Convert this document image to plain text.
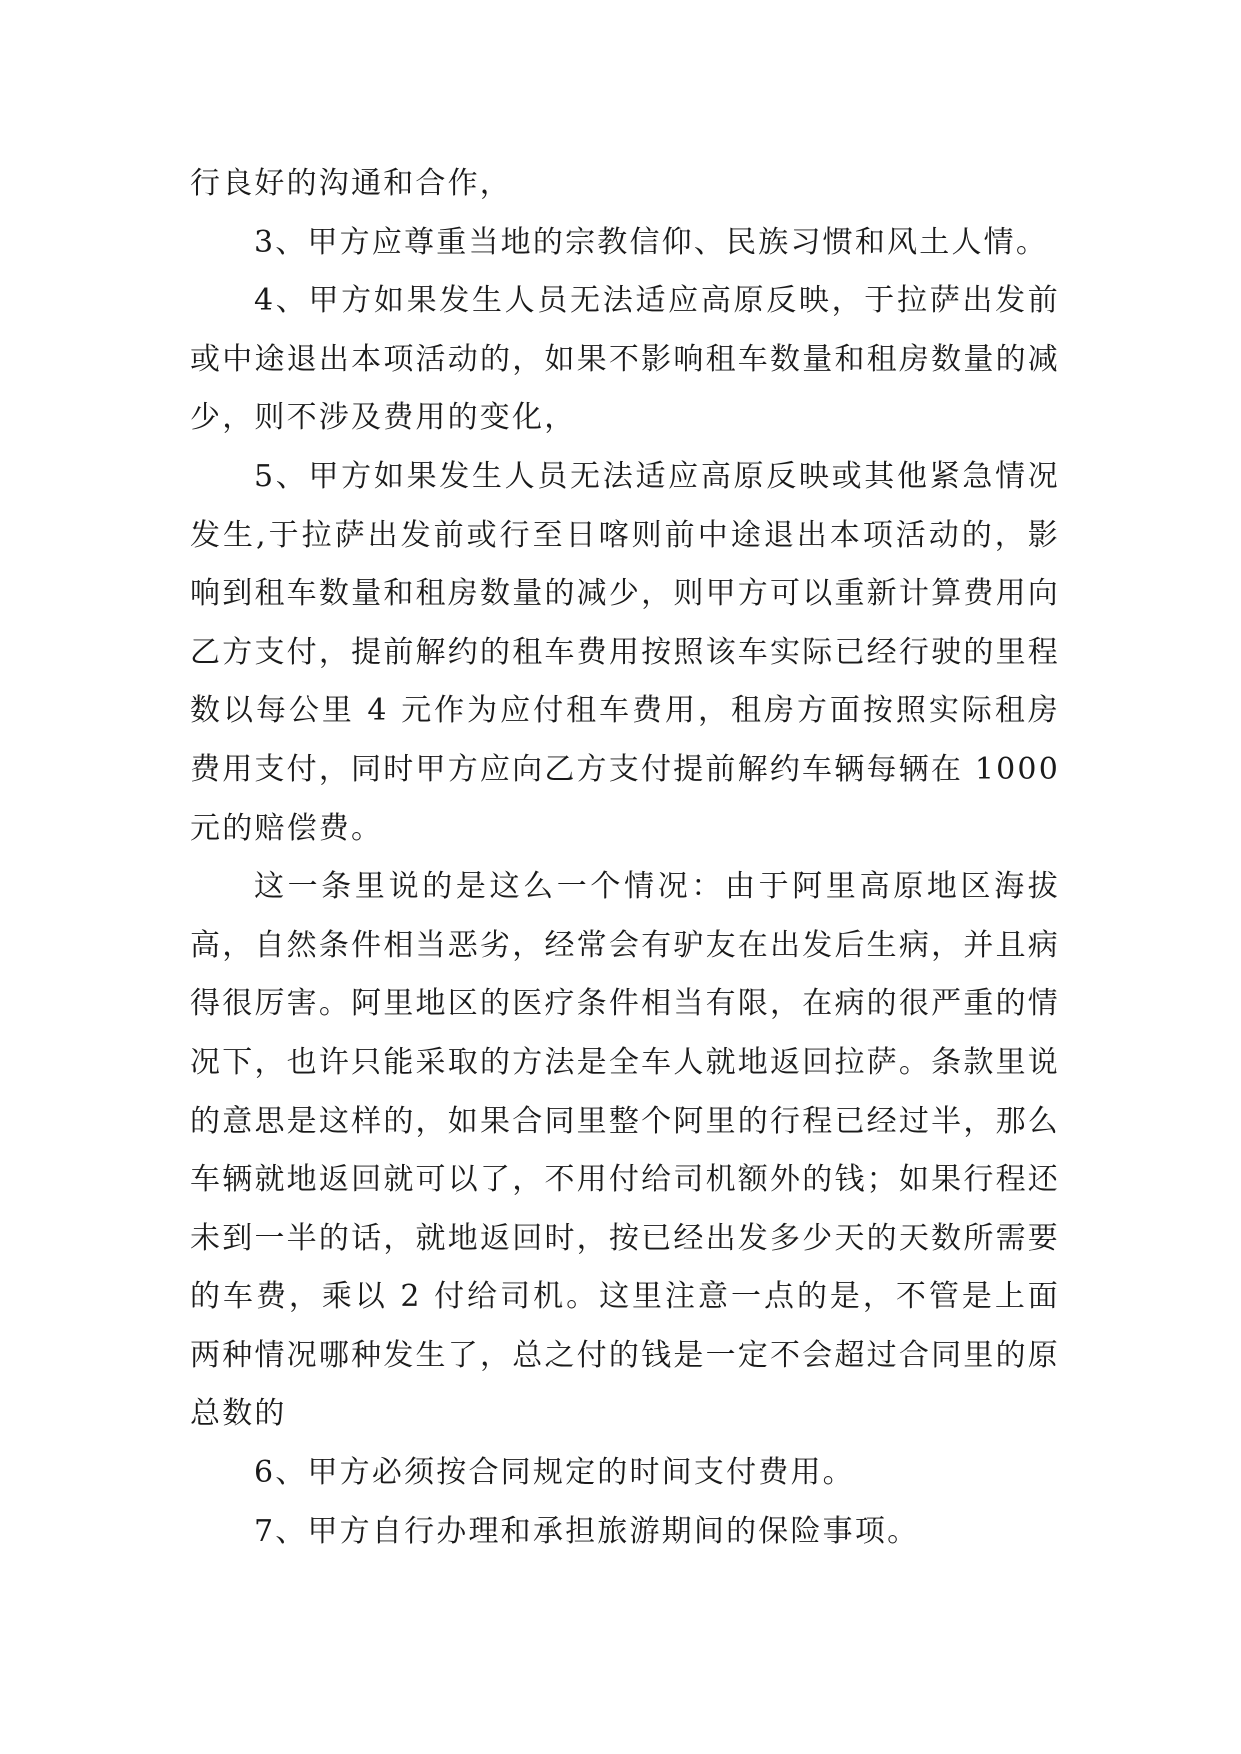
行良好的沟通和合作，

3、甲方应尊重当地的宗教信仰、民族习惯和风土人情。

4、甲方如果发生人员无法适应高原反映，于拉萨出发前或中途退出本项活动的，如果不影响租车数量和租房数量的减少，则不涉及费用的变化，

5、甲方如果发生人员无法适应高原反映或其他紧急情况发生,于拉萨出发前或行至日喀则前中途退出本项活动的，影响到租车数量和租房数量的减少，则甲方可以重新计算费用向乙方支付，提前解约的租车费用按照该车实际已经行驶的里程数以每公里 4 元作为应付租车费用，租房方面按照实际租房费用支付，同时甲方应向乙方支付提前解约车辆每辆在 1000 元的赔偿费。

这一条里说的是这么一个情况：由于阿里高原地区海拔高，自然条件相当恶劣，经常会有驴友在出发后生病，并且病得很厉害。阿里地区的医疗条件相当有限，在病的很严重的情况下，也许只能采取的方法是全车人就地返回拉萨。条款里说的意思是这样的，如果合同里整个阿里的行程已经过半，那么车辆就地返回就可以了，不用付给司机额外的钱；如果行程还未到一半的话，就地返回时，按已经出发多少天的天数所需要的车费，乘以 2 付给司机。这里注意一点的是，不管是上面两种情况哪种发生了，总之付的钱是一定不会超过合同里的原总数的

6、甲方必须按合同规定的时间支付费用。

7、甲方自行办理和承担旅游期间的保险事项。
